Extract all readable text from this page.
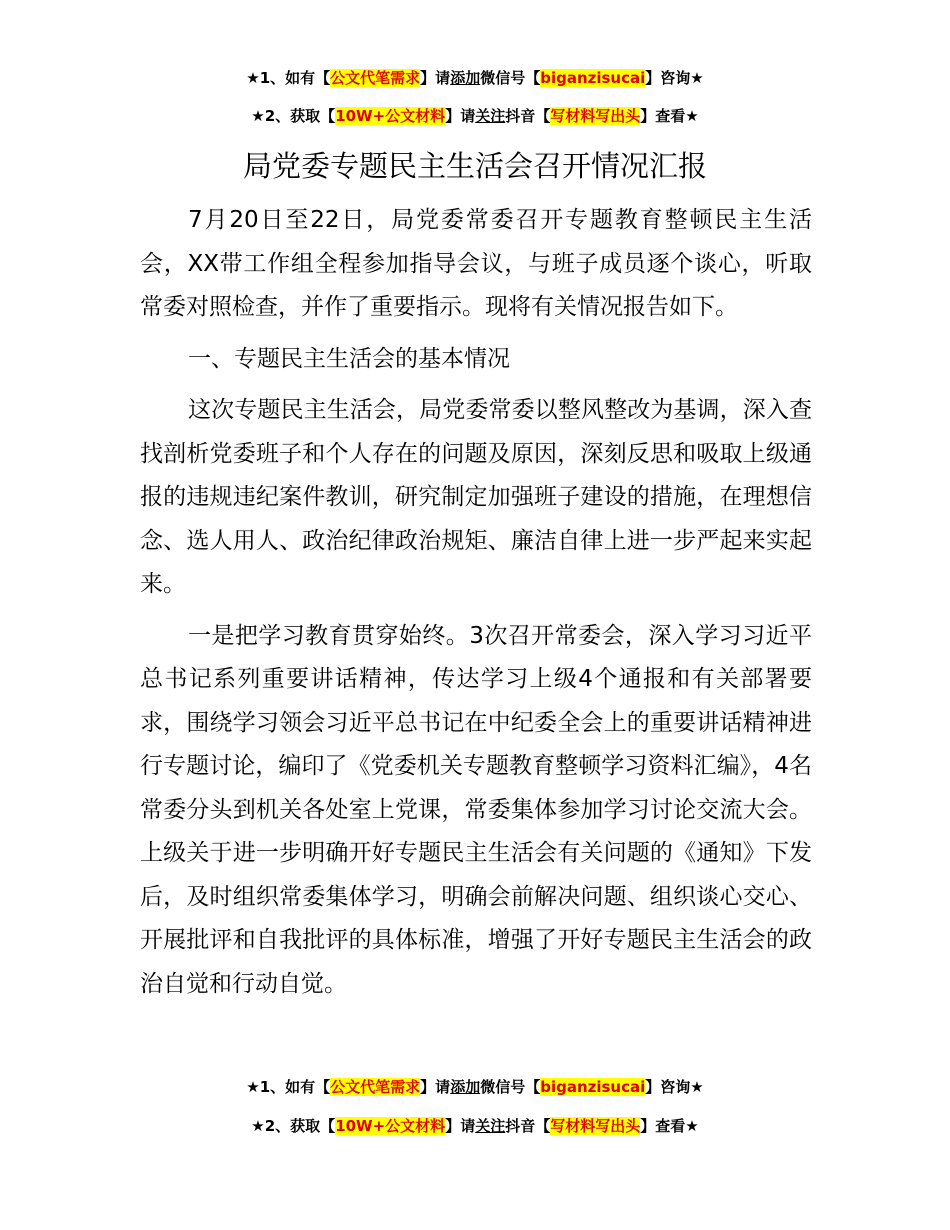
★1、如有【公文代笔需求】请添加微信号【biganzisucai】咨询★
★2、获取【10W+公文材料】请关注抖音【写材料写出头】查看★
局党委专题民主生活会召开情况汇报

7月20日至22日，局党委常委召开专题教育整顿民主生活会，XX带工作组全程参加指导会议，与班子成员逐个谈心，听取常委对照检查，并作了重要指示。现将有关情况报告如下。

一、专题民主生活会的基本情况

这次专题民主生活会，局党委常委以整风整改为基调，深入查找剖析党委班子和个人存在的问题及原因，深刻反思和吸取上级通报的违规违纪案件教训，研究制定加强班子建设的措施，在理想信念、选人用人、政治纪律政治规矩、廉洁自律上进一步严起来实起来。

一是把学习教育贯穿始终。3次召开常委会，深入学习习近平总书记系列重要讲话精神，传达学习上级4个通报和有关部署要求，围绕学习领会习近平总书记在中纪委全会上的重要讲话精神进行专题讨论，编印了《党委机关专题教育整顿学习资料汇编》，4名常委分头到机关各处室上党课，常委集体参加学习讨论交流大会。上级关于进一步明确开好专题民主生活会有关问题的《通知》下发后，及时组织常委集体学习，明确会前解决问题、组织谈心交心、开展批评和自我批评的具体标准，增强了开好专题民主生活会的政治自觉和行动自觉。

★1、如有【公文代笔需求】请添加微信号【biganzisucai】咨询★
★2、获取【10W+公文材料】请关注抖音【写材料写出头】查看★
